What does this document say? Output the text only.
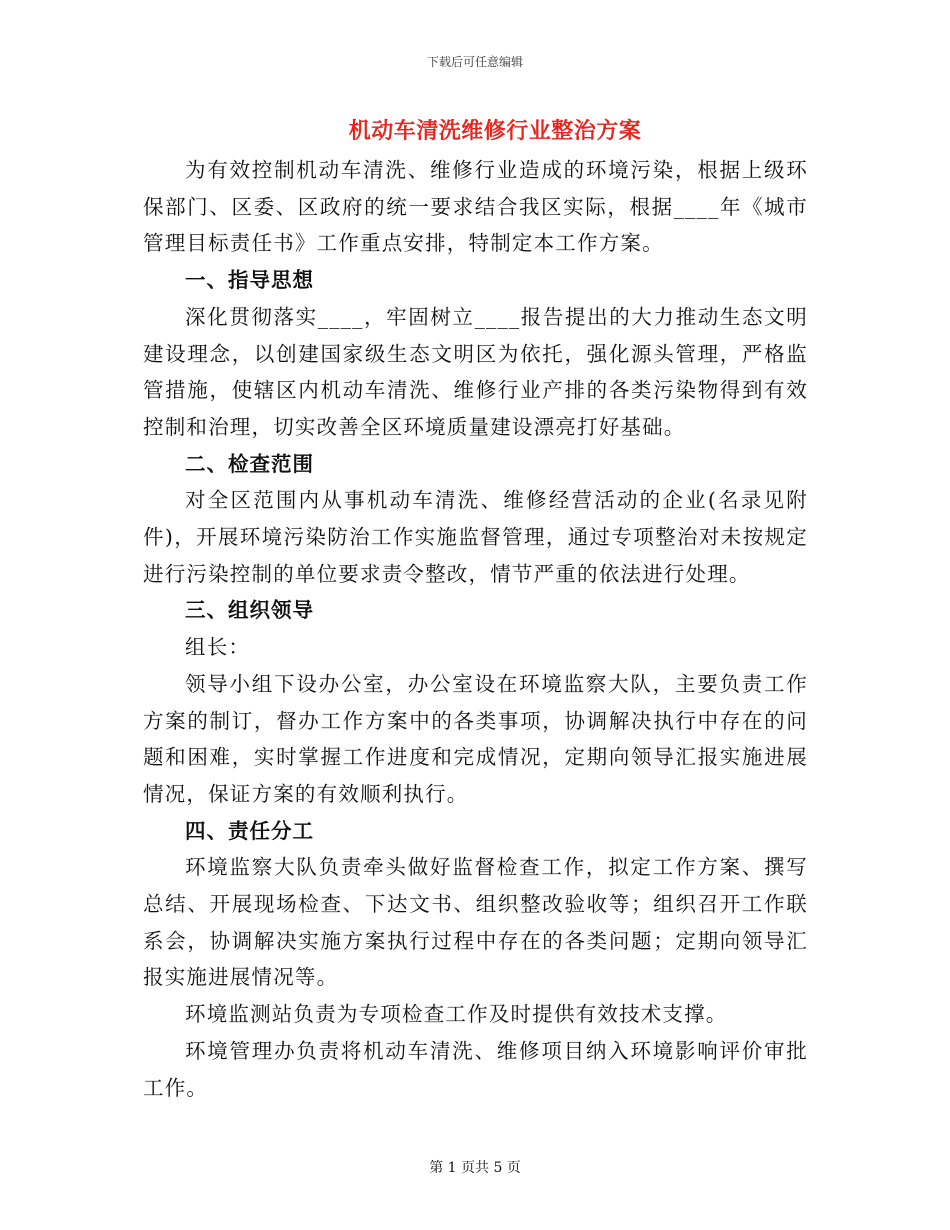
下载后可任意编辑
机动车清洗维修行业整治方案

为有效控制机动车清洗、维修行业造成的环境污染，根据上级环保部门、区委、区政府的统一要求结合我区实际，根据____年《城市管理目标责任书》工作重点安排，特制定本工作方案。

一、指导思想

深化贯彻落实____，牢固树立____报告提出的大力推动生态文明建设理念，以创建国家级生态文明区为依托，强化源头管理，严格监管措施，使辖区内机动车清洗、维修行业产排的各类污染物得到有效控制和治理，切实改善全区环境质量建设漂亮打好基础。

二、检查范围

对全区范围内从事机动车清洗、维修经营活动的企业(名录见附件)，开展环境污染防治工作实施监督管理，通过专项整治对未按规定进行污染控制的单位要求责令整改，情节严重的依法进行处理。

三、组织领导

组长：

领导小组下设办公室，办公室设在环境监察大队，主要负责工作方案的制订，督办工作方案中的各类事项，协调解决执行中存在的问题和困难，实时掌握工作进度和完成情况，定期向领导汇报实施进展情况，保证方案的有效顺利执行。

四、责任分工

环境监察大队负责牵头做好监督检查工作，拟定工作方案、撰写总结、开展现场检查、下达文书、组织整改验收等；组织召开工作联系会，协调解决实施方案执行过程中存在的各类问题；定期向领导汇报实施进展情况等。

环境监测站负责为专项检查工作及时提供有效技术支撑。

环境管理办负责将机动车清洗、维修项目纳入环境影响评价审批工作。

第 1 页共 5 页
